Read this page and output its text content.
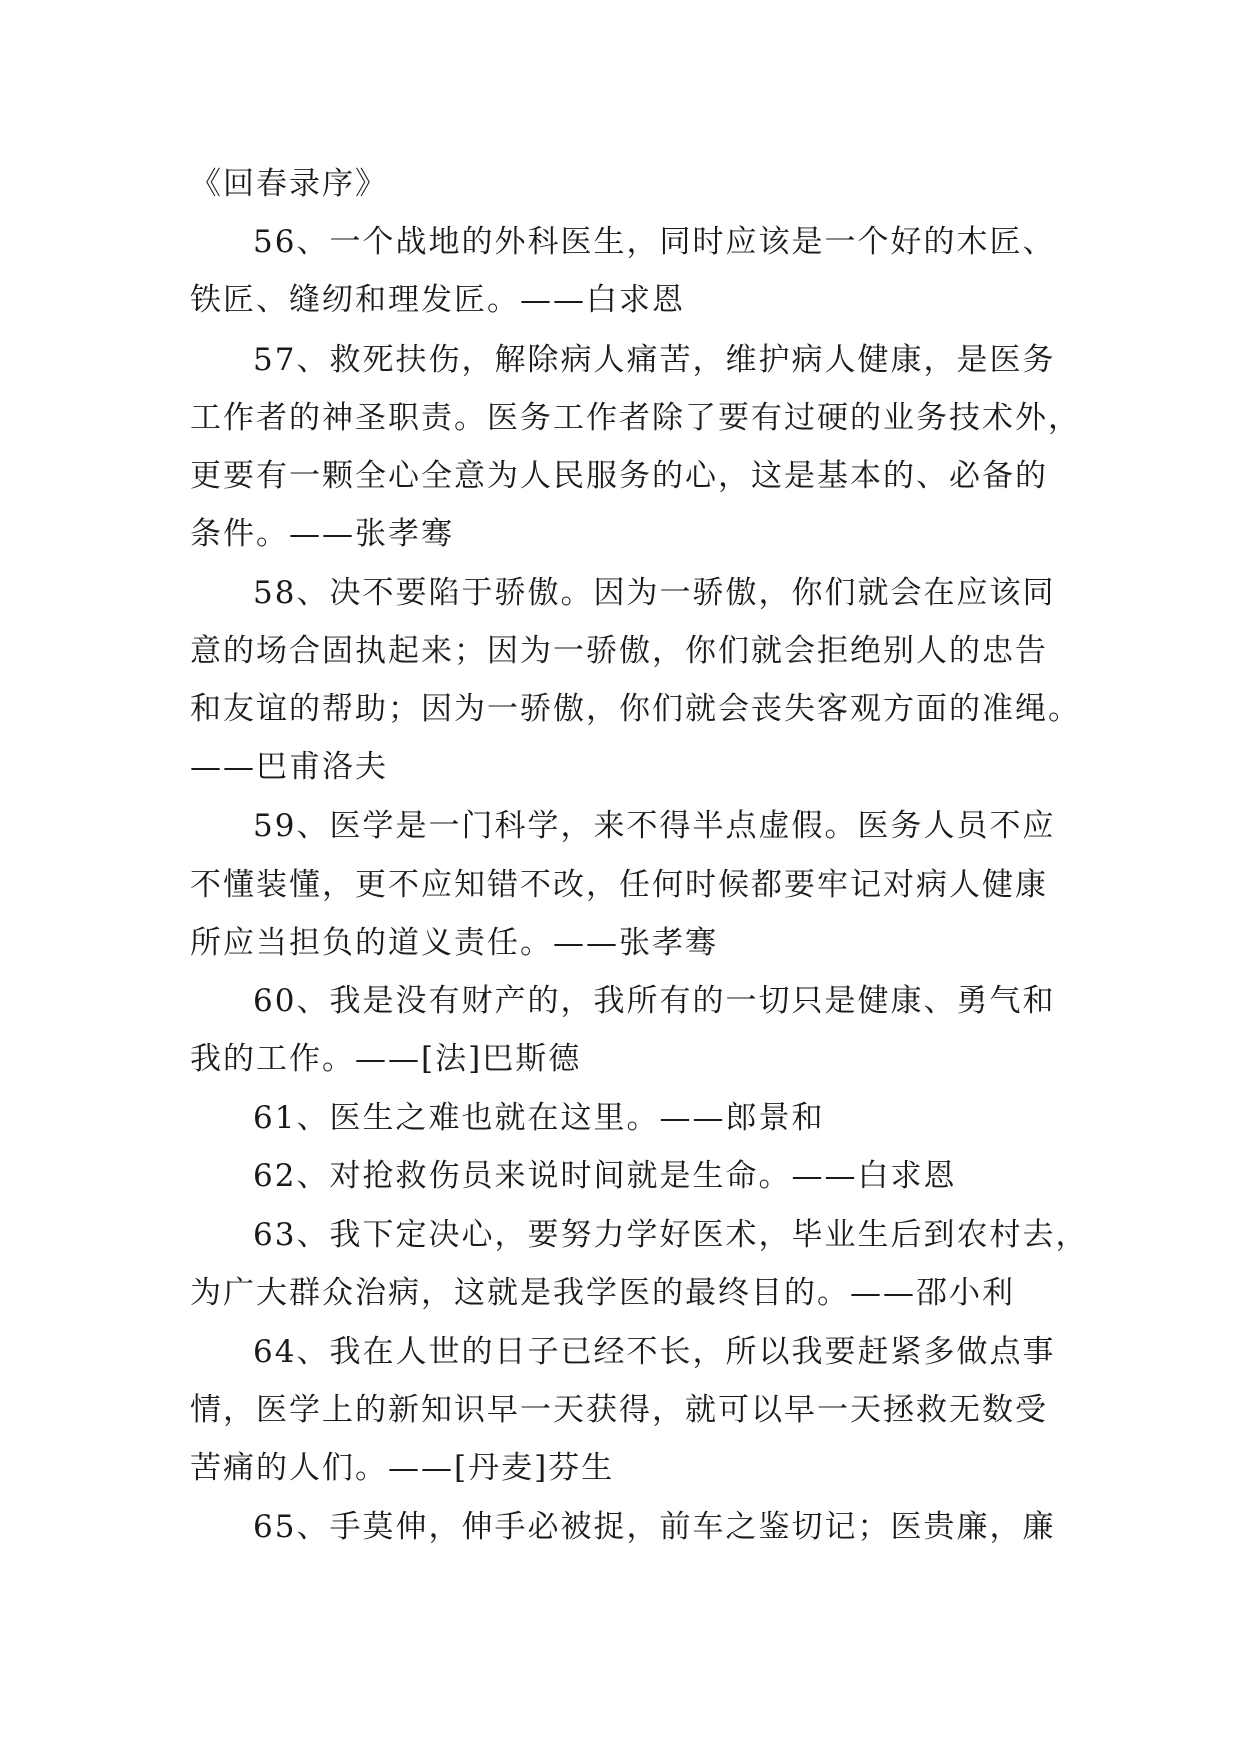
《回春录序》
56、一个战地的外科医生，同时应该是一个好的木匠、
铁匠、缝纫和理发匠。——白求恩
57、救死扶伤，解除病人痛苦，维护病人健康，是医务
工作者的神圣职责。医务工作者除了要有过硬的业务技术外，
更要有一颗全心全意为人民服务的心，这是基本的、必备的
条件。——张孝骞
58、决不要陷于骄傲。因为一骄傲，你们就会在应该同
意的场合固执起来；因为一骄傲，你们就会拒绝别人的忠告
和友谊的帮助；因为一骄傲，你们就会丧失客观方面的准绳。
——巴甫洛夫
59、医学是一门科学，来不得半点虚假。医务人员不应
不懂装懂，更不应知错不改，任何时候都要牢记对病人健康
所应当担负的道义责任。——张孝骞
60、我是没有财产的，我所有的一切只是健康、勇气和
我的工作。——[法]巴斯德
61、医生之难也就在这里。——郎景和
62、对抢救伤员来说时间就是生命。——白求恩
63、我下定决心，要努力学好医术，毕业生后到农村去，
为广大群众治病，这就是我学医的最终目的。——邵小利
64、我在人世的日子已经不长，所以我要赶紧多做点事
情，医学上的新知识早一天获得，就可以早一天拯救无数受
苦痛的人们。——[丹麦]芬生
65、手莫伸，伸手必被捉，前车之鉴切记；医贵廉，廉
